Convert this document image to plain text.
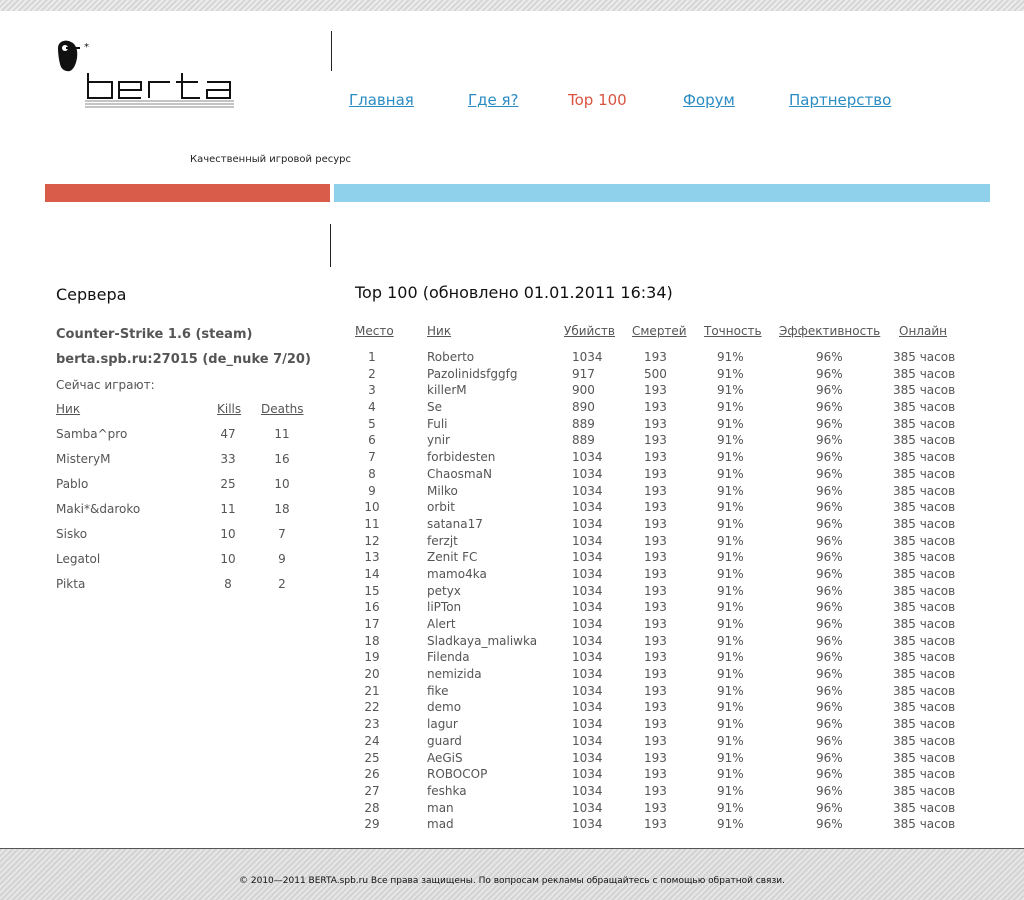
*
Качественный игровой ресурс
Главная	Где я?	Top 100	Форум	Партнерство
Сервера
Counter-Strike 1.6 (steam)
berta.spb.ru:27015 (de_nuke 7/20)
Сейчас играют:
Ник	Kills Deaths
Samba^pro	47	11
MisteryM	33	16
Pablo	25	10
Maki*&daroko	11	18
Sisko	10	7
Legatol	10	9
Pikta	8	2
Top 100 (обновлено 01.01.2011 16:34)
Место	Ник	Убийств Смертей Точность Эффективность Онлайн
1	Roberto	1034	193	91%	96%	385 часов
2	Pazolinidsfggfg	917	500	91%	96%	385 часов
3	killerM	900	193	91%	96%	385 часов
4	Se	890	193	91%	96%	385 часов
5	Fuli	889	193	91%	96%	385 часов
6	ynir	889	193	91%	96%	385 часов
7	forbidesten	1034	193	91%	96%	385 часов
8	ChaosmaN	1034	193	91%	96%	385 часов
9	Milko	1034	193	91%	96%	385 часов
10	orbit	1034	193	91%	96%	385 часов
11	satana17	1034	193	91%	96%	385 часов
12	ferzjt	1034	193	91%	96%	385 часов
13	Zenit FC	1034	193	91%	96%	385 часов
14	mamo4ka	1034	193	91%	96%	385 часов
15	petyx	1034	193	91%	96%	385 часов
16	liPTon	1034	193	91%	96%	385 часов
17	Alert	1034	193	91%	96%	385 часов
18	Sladkaya_maliwka	1034	193	91%	96%	385 часов
19	Filenda	1034	193	91%	96%	385 часов
20	nemizida	1034	193	91%	96%	385 часов
21	fike	1034	193	91%	96%	385 часов
22	demo	1034	193	91%	96%	385 часов
23	lagur	1034	193	91%	96%	385 часов
24	guard	1034	193	91%	96%	385 часов
25	AeGiS	1034	193	91%	96%	385 часов
26	ROBOCOP	1034	193	91%	96%	385 часов
27	feshka	1034	193	91%	96%	385 часов
28	man	1034	193	91%	96%	385 часов
29	mad	1034	193	91%	96%	385 часов
© 2010—2011 BERTA.spb.ru Все права защищены. По вопросам рекламы обращайтесь с помощью обратной связи.
